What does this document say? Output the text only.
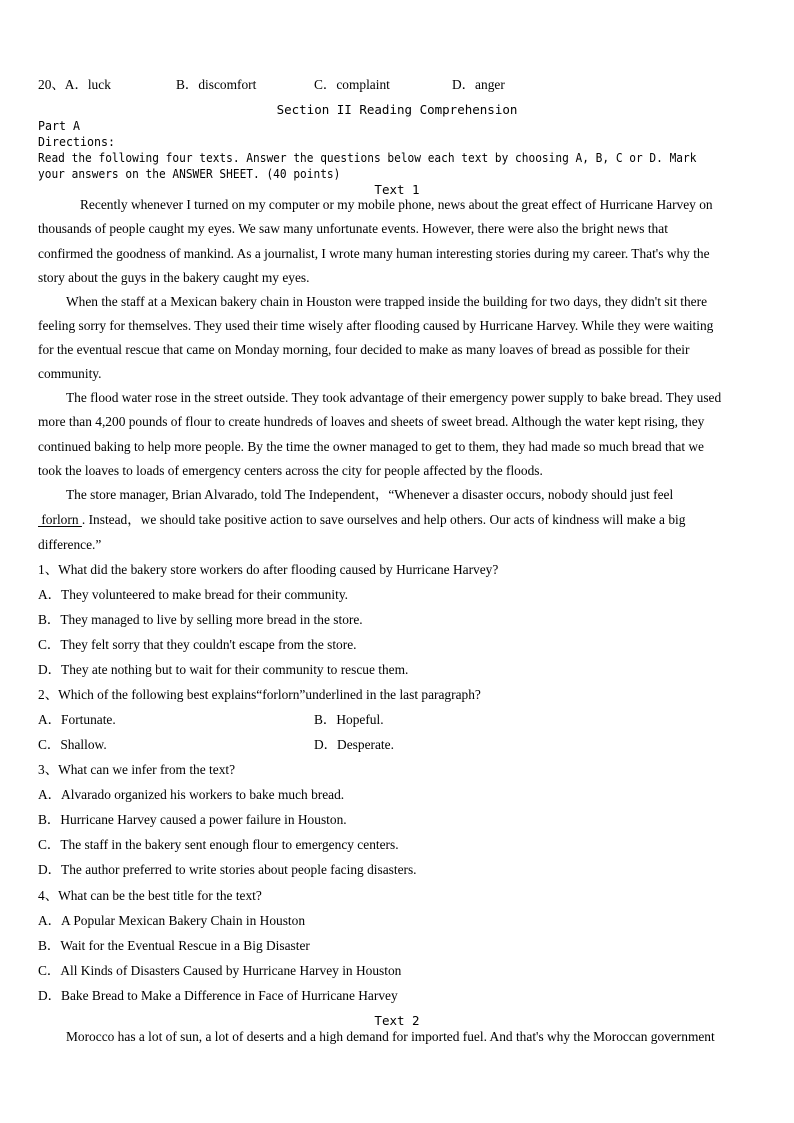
20、A．luck	B．discomfort	C．complaint	D．anger
Section II Reading Comprehension
Part A
Directions:
Read the following four texts. Answer the questions below each text by choosing A, B, C or D. Mark
your answers on the ANSWER SHEET. (40 points)
Text 1
Recently whenever I turned on my computer or my mobile phone, news about the great effect of Hurricane Harvey on
thousands of people caught my eyes. We saw many unfortunate events. However, there were also the bright news that
confirmed the goodness of mankind. As a journalist, I wrote many human interesting stories during my career. That's why the
story about the guys in the bakery caught my eyes.
When the staff at a Mexican bakery chain in Houston were trapped inside the building for two days, they didn't sit there
feeling sorry for themselves. They used their time wisely after flooding caused by Hurricane Harvey. While they were waiting
for the eventual rescue that came on Monday morning, four decided to make as many loaves of bread as possible for their
community.
The flood water rose in the street outside. They took advantage of their emergency power supply to bake bread. They used
more than 4,200 pounds of flour to create hundreds of loaves and sheets of sweet bread. Although the water kept rising, they
continued baking to help more people. By the time the owner managed to get to them, they had made so much bread that we
took the loaves to loads of emergency centers across the city for people affected by the floods.
The store manager, Brian Alvarado, told The Independent，“Whenever a disaster occurs, nobody should just feel
forlorn . Instead，we should take positive action to save ourselves and help others. Our acts of kindness will make a big
difference.”
1、What did the bakery store workers do after flooding caused by Hurricane Harvey?
A．They volunteered to make bread for their community.
B．They managed to live by selling more bread in the store.
C．They felt sorry that they couldn't escape from the store.
D．They ate nothing but to wait for their community to rescue them.
2、Which of the following best explains“forlorn”underlined in the last paragraph?
A．Fortunate.	B．Hopeful.
C．Shallow.	D．Desperate.
3、What can we infer from the text?
A．Alvarado organized his workers to bake much bread.
B．Hurricane Harvey caused a power failure in Houston.
C．The staff in the bakery sent enough flour to emergency centers.
D．The author preferred to write stories about people facing disasters.
4、What can be the best title for the text?
A．A Popular Mexican Bakery Chain in Houston
B．Wait for the Eventual Rescue in a Big Disaster
C．All Kinds of Disasters Caused by Hurricane Harvey in Houston
D．Bake Bread to Make a Difference in Face of Hurricane Harvey
Text 2
Morocco has a lot of sun, a lot of deserts and a high demand for imported fuel. And that's why the Moroccan government
